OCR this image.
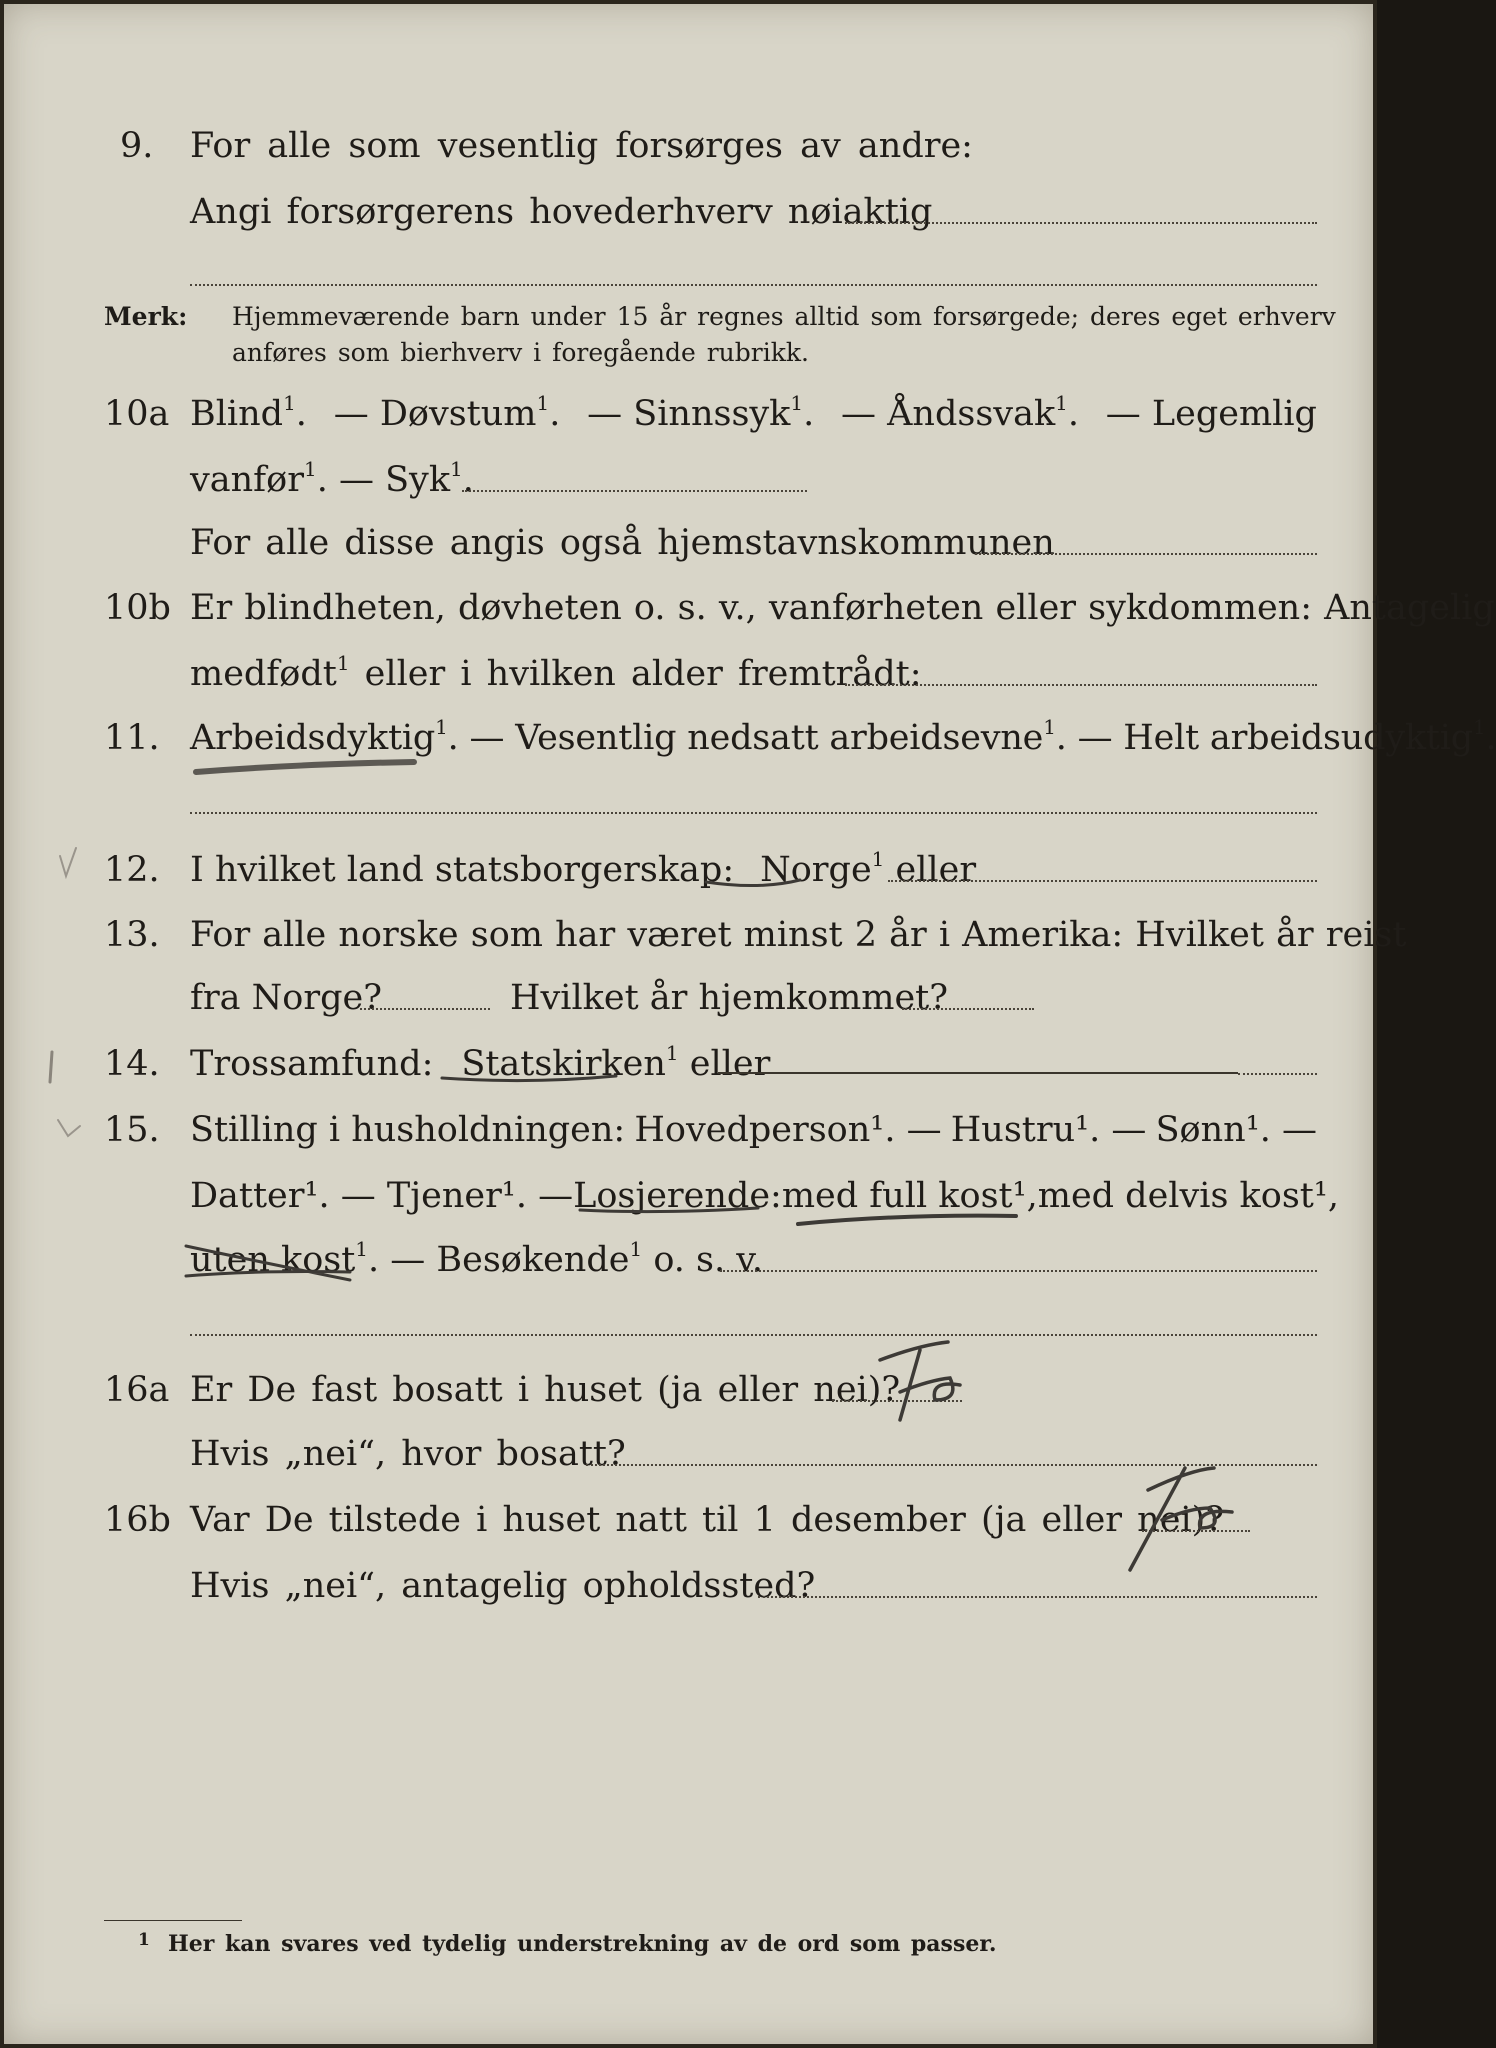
9. For alle som vesentlig forsørges av andre:
Angi forsørgerens hovederhverv nøiaktig
Merk: Hjemmeværende barn under 15 år regnes alltid som forsørgede; deres eget erhverv
anføres som bierhverv i foregående rubrikk.
10a Blind$^1$. — Døvstum$^1$. — Sinnssyk$^1$. — Åndssvak$^1$. — Legemlig
vanfør$^1$. — Syk$^1$.
For alle disse angis også hjemstavnskommunen
10b Er blindheten, døvheten o. s. v., vanførheten eller sykdommen: Antagelig
medfødt$^1$ eller i hvilken alder fremtrådt:
11. Arbeidsdyktig$^1$. — Vesentlig nedsatt arbeidsevne$^1$. — Helt arbeidsudyktig$^1$.
12. I hvilket land statsborgerskap: Norge$^1$ eller
13. For alle norske som har været minst 2 år i Amerika: Hvilket år reist
fra Norge?	Hvilket år hjemkommet?
14. Trossamfund: Statskirken$^1$ eller
15. Stilling i husholdningen: Hovedperson¹. — Hustru¹. — Sønn¹. —
Datter¹. — Tjener¹. — Losjerende: med full kost¹, med delvis kost¹,
uten kost$^1$. — Besøkende$^1$ o. s. v.
16a Er De fast bosatt i huset (ja eller nei)?
Hvis „nei“, hvor bosatt?
16b Var De tilstede i huset natt til 1 desember (ja eller nei)?
Hvis „nei“, antagelig opholdssted?
1 Her kan svares ved tydelig understrekning av de ord som passer.
